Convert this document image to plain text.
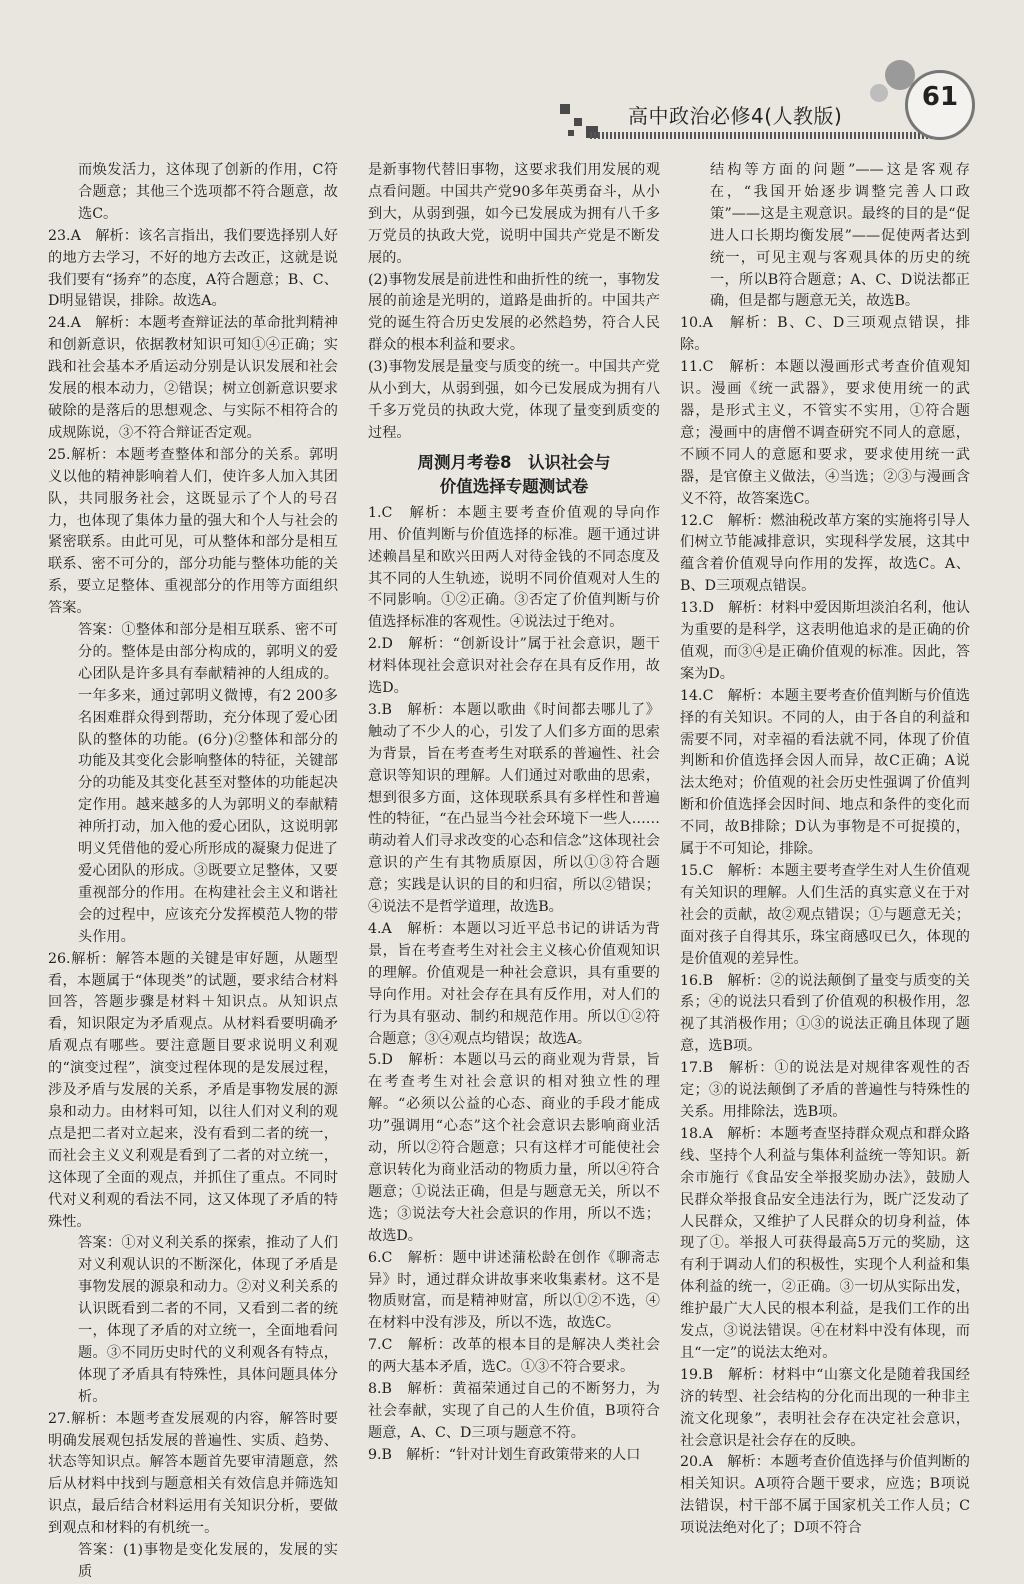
高中政治必修4(人教版)
61

而焕发活力，这体现了创新的作用，C符合题意；其他三个选项都不符合题意，故选C。

23.A　解析：该名言指出，我们要选择别人好的地方去学习，不好的地方去改正，这就是说我们要有“扬弃”的态度，A符合题意；B、C、D明显错误，排除。故选A。

24.A　解析：本题考查辩证法的革命批判精神和创新意识，依据教材知识可知①④正确；实践和社会基本矛盾运动分别是认识发展和社会发展的根本动力，②错误；树立创新意识要求破除的是落后的思想观念、与实际不相符合的成规陈说，③不符合辩证否定观。

25.解析：本题考查整体和部分的关系。郭明义以他的精神影响着人们，使许多人加入其团队，共同服务社会，这既显示了个人的号召力，也体现了集体力量的强大和个人与社会的紧密联系。由此可见，可从整体和部分是相互联系、密不可分的，部分功能与整体功能的关系，要立足整体、重视部分的作用等方面组织答案。

答案：①整体和部分是相互联系、密不可分的。整体是由部分构成的，郭明义的爱心团队是许多具有奉献精神的人组成的。一年多来，通过郭明义微博，有2 200多名困难群众得到帮助，充分体现了爱心团队的整体的功能。(6分)②整体和部分的功能及其变化会影响整体的特征，关键部分的功能及其变化甚至对整体的功能起决定作用。越来越多的人为郭明义的奉献精神所打动，加入他的爱心团队，这说明郭明义凭借他的爱心所形成的凝聚力促进了爱心团队的形成。③既要立足整体，又要重视部分的作用。在构建社会主义和谐社会的过程中，应该充分发挥模范人物的带头作用。

26.解析：解答本题的关键是审好题，从题型看，本题属于“体现类”的试题，要求结合材料回答，答题步骤是材料＋知识点。从知识点看，知识限定为矛盾观点。从材料看要明确矛盾观点有哪些。要注意题目要求说明义利观的“演变过程”，演变过程体现的是发展过程，涉及矛盾与发展的关系，矛盾是事物发展的源泉和动力。由材料可知，以往人们对义利的观点是把二者对立起来，没有看到二者的统一，而社会主义义利观是看到了二者的对立统一，这体现了全面的观点，并抓住了重点。不同时代对义利观的看法不同，这又体现了矛盾的特殊性。

答案：①对义利关系的探索，推动了人们对义利观认识的不断深化，体现了矛盾是事物发展的源泉和动力。②对义利关系的认识既看到二者的不同，又看到二者的统一，体现了矛盾的对立统一，全面地看问题。③不同历史时代的义利观各有特点，体现了矛盾具有特殊性，具体问题具体分析。

27.解析：本题考查发展观的内容，解答时要明确发展观包括发展的普遍性、实质、趋势、状态等知识点。解答本题首先要审清题意，然后从材料中找到与题意相关有效信息并筛选知识点，最后结合材料运用有关知识分析，要做到观点和材料的有机统一。

答案：(1)事物是变化发展的，发展的实质

是新事物代替旧事物，这要求我们用发展的观点看问题。中国共产党90多年英勇奋斗，从小到大，从弱到强，如今已发展成为拥有八千多万党员的执政大党，说明中国共产党是不断发展的。

(2)事物发展是前进性和曲折性的统一，事物发展的前途是光明的，道路是曲折的。中国共产党的诞生符合历史发展的必然趋势，符合人民群众的根本利益和要求。

(3)事物发展是量变与质变的统一。中国共产党从小到大，从弱到强，如今已发展成为拥有八千多万党员的执政大党，体现了量变到质变的过程。

周测月考卷8　认识社会与
价值选择专题测试卷

1.C　解析：本题主要考查价值观的导向作用、价值判断与价值选择的标准。题干通过讲述赖昌星和欧兴田两人对待金钱的不同态度及其不同的人生轨迹，说明不同价值观对人生的不同影响。①②正确。③否定了价值判断与价值选择标准的客观性。④说法过于绝对。

2.D　解析：“创新设计”属于社会意识，题干材料体现社会意识对社会存在具有反作用，故选D。

3.B　解析：本题以歌曲《时间都去哪儿了》触动了不少人的心，引发了人们多方面的思索为背景，旨在考查考生对联系的普遍性、社会意识等知识的理解。人们通过对歌曲的思索，想到很多方面，这体现联系具有多样性和普遍性的特征，“在凸显当今社会环境下一些人……萌动着人们寻求改变的心态和信念”这体现社会意识的产生有其物质原因，所以①③符合题意；实践是认识的目的和归宿，所以②错误；④说法不是哲学道理，故选B。

4.A　解析：本题以习近平总书记的讲话为背景，旨在考查考生对社会主义核心价值观知识的理解。价值观是一种社会意识，具有重要的导向作用。对社会存在具有反作用，对人们的行为具有驱动、制约和规范作用。所以①②符合题意；③④观点均错误；故选A。

5.D　解析：本题以马云的商业观为背景，旨在考查考生对社会意识的相对独立性的理解。“必须以公益的心态、商业的手段才能成功”强调用“心态”这个社会意识去影响商业活动，所以②符合题意；只有这样才可能使社会意识转化为商业活动的物质力量，所以④符合题意；①说法正确，但是与题意无关，所以不选；③说法夸大社会意识的作用，所以不选；故选D。

6.C　解析：题中讲述蒲松龄在创作《聊斋志异》时，通过群众讲故事来收集素材。这不是物质财富，而是精神财富，所以①②不选，④在材料中没有涉及，所以不选，故选C。

7.C　解析：改革的根本目的是解决人类社会的两大基本矛盾，选C。①③不符合要求。

8.B　解析：黄福荣通过自己的不断努力，为社会奉献，实现了自己的人生价值，B项符合题意，A、C、D三项与题意不符。

9.B　解析：“针对计划生育政策带来的人口

结构等方面的问题”——这是客观存在，“我国开始逐步调整完善人口政策”——这是主观意识。最终的目的是“促进人口长期均衡发展”——促使两者达到统一，可见主观与客观具体的历史的统一，所以B符合题意；A、C、D说法都正确，但是都与题意无关，故选B。

10.A　解析：B、C、D三项观点错误，排除。

11.C　解析：本题以漫画形式考查价值观知识。漫画《统一武器》，要求使用统一的武器，是形式主义，不管实不实用，①符合题意；漫画中的唐僧不调查研究不同人的意愿，不顾不同人的意愿和要求，要求使用统一武器，是官僚主义做法，④当选；②③与漫画含义不符，故答案选C。

12.C　解析：燃油税改革方案的实施将引导人们树立节能减排意识，实现科学发展，这其中蕴含着价值观导向作用的发挥，故选C。A、B、D三项观点错误。

13.D　解析：材料中爱因斯坦淡泊名利，他认为重要的是科学，这表明他追求的是正确的价值观，而③④是正确价值观的标准。因此，答案为D。

14.C　解析：本题主要考查价值判断与价值选择的有关知识。不同的人，由于各自的利益和需要不同，对幸福的看法就不同，体现了价值判断和价值选择会因人而异，故C正确；A说法太绝对；价值观的社会历史性强调了价值判断和价值选择会因时间、地点和条件的变化而不同，故B排除；D认为事物是不可捉摸的，属于不可知论，排除。

15.C　解析：本题主要考查学生对人生价值观有关知识的理解。人们生活的真实意义在于对社会的贡献，故②观点错误；①与题意无关；面对孩子自得其乐，珠宝商感叹已久，体现的是价值观的差异性。

16.B　解析：②的说法颠倒了量变与质变的关系；④的说法只看到了价值观的积极作用，忽视了其消极作用；①③的说法正确且体现了题意，选B项。

17.B　解析：①的说法是对规律客观性的否定；③的说法颠倒了矛盾的普遍性与特殊性的关系。用排除法，选B项。

18.A　解析：本题考查坚持群众观点和群众路线、坚持个人利益与集体利益统一等知识。新余市施行《食品安全举报奖励办法》，鼓励人民群众举报食品安全违法行为，既广泛发动了人民群众，又维护了人民群众的切身利益，体现了①。举报人可获得最高5万元的奖励，这有利于调动人们的积极性，实现个人利益和集体利益的统一，②正确。③一切从实际出发，维护最广大人民的根本利益，是我们工作的出发点，③说法错误。④在材料中没有体现，而且“一定”的说法太绝对。

19.B　解析：材料中“山寨文化是随着我国经济的转型、社会结构的分化而出现的一种非主流文化现象”，表明社会存在决定社会意识，社会意识是社会存在的反映。

20.A　解析：本题考查价值选择与价值判断的相关知识。A项符合题干要求，应选；B项说法错误，村干部不属于国家机关工作人员；C项说法绝对化了；D项不符合
